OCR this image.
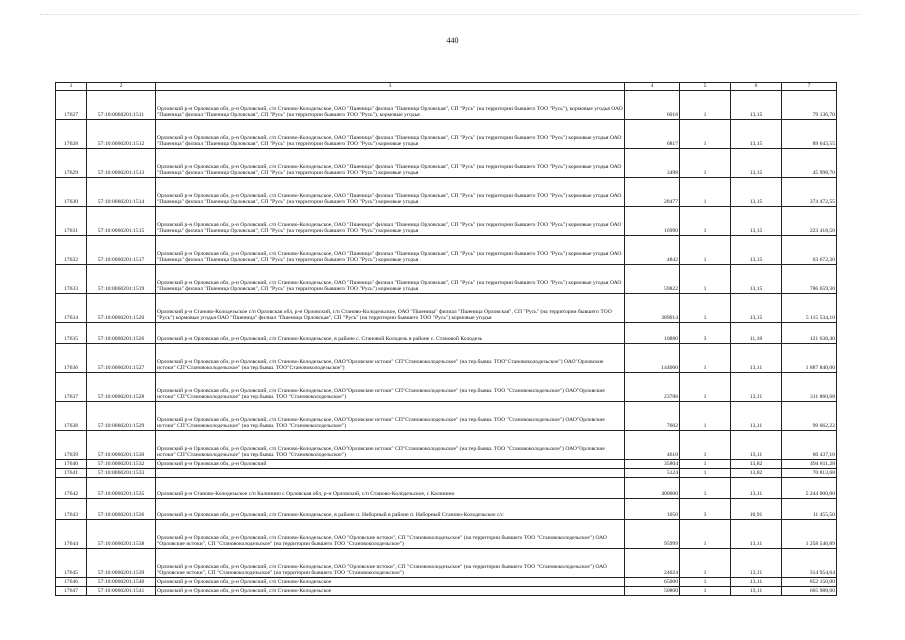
440
1	2	3	4	5	6	7
17627	57:10:0060201:1511	Орловский р-н Орловская обл, р-н Орловский, с/п Станово-Колодезьское, ОАО "Пшеница" филиал "Пшеница Орловская", СП "Русь" (на территории бывшего ТОО "Русь"), кормовые угодья ОАО "Пшеница" филиал "Пшеница Орловская", СП "Русь" (на территории бывшего ТОО "Русь"), кормовые угодья	6018	1	13,15	79 136,70
17628	57:10:0060201:1512	Орловский р-н Орловская обл, р-н Орловский, с/п Станово-Колодезьское, ОАО "Пшеница" филиал "Пшеница Орловская", СП "Русь" (на территории бывшего ТОО "Русь") кормовые угодья ОАО "Пшеница" филиал "Пшеница Орловская", СП "Русь" (на территории бывшего ТОО "Русь") кормовые угодья	6817	1	13,15	89 643,55
17629	57:10:0060201:1513	Орловский р-н Орловская обл, р-н Орловский, с/п Станово-Колодезьское, ОАО "Пшеница" филиал "Пшеница Орловская", СП "Русь" (на территории бывшего ТОО "Русь") кормовые угодья ОАО "Пшеница" филиал "Пшеница Орловская", СП "Русь" (на территории бывшего ТОО "Русь") кормовые угодья	3498	1	13,15	45 998,70
17630	57:10:0060201:1514	Орловский р-н Орловская обл, р-н Орловский, с/п Станово-Колодезьское, ОАО "Пшеница" филиал "Пшеница Орловская", СП "Русь" (на территории бывшего ТОО "Русь") кормовые угодья ОАО "Пшеница" филиал "Пшеница Орловская", СП "Русь" (на территории бывшего ТОО "Русь") кормовые угодья	28477	1	13,15	374 472,55
17631	57:10:0060201:1515	Орловский р-н Орловская обл, р-н Орловский, с/п Станово-Колодезьское, ОАО "Пшеница" филиал "Пшеница Орловская", СП "Русь" (на территории бывшего ТОО "Русь") кормовые угодья ОАО "Пшеница" филиал "Пшеница Орловская", СП "Русь" (на территории бывшего ТОО "Русь") кормовые угодья	16990	1	13,15	223 418,50
17632	57:10:0060201:1517	Орловский р-н Орловская обл, р-н Орловский, с/п Станово-Колодезьское, ОАО "Пшеница" филиал "Пшеница Орловская", СП "Русь" (на территории бывшего ТОО "Русь") кормовые угодья ОАО "Пшеница" филиал "Пшеница Орловская", СП "Русь" (на территории бывшего ТОО "Русь") кормовые угодья	4842	1	13,15	63 672,30
17633	57:10:0060201:1519	Орловский р-н Орловская обл, р-н Орловский, с/п Станово-Колодезьское, ОАО "Пшеница" филиал "Пшеница Орловская", СП "Русь" (на территории бывшего ТОО "Русь") кормовые угодья ОАО "Пшеница" филиал "Пшеница Орловская", СП "Русь" (на территории бывшего ТОО "Русь") кормовые угодья	59822	1	13,15	786 659,30
17634	57:10:0060201:1520	Орловский р-н Станово-Колодезьское с/п Орловская обл, р-н Орловский, с/п Станово-Колодезьское, ОАО "Пшеница" филиал "Пшеница Орловская", СП "Русь" (на территории бывшего ТОО "Русь") кормовые угодья ОАО "Пшеница" филиал "Пшеница Орловская", СП "Русь" (на территории бывшего ТОО "Русь") кормовые угодья	389014	1	13,15	5 115 534,10
17635	57:10:0060201:1526	Орловский р-н Орловская обл, р-н Орловский, с/п Станово-Колодезьское, в районе с. Становой Колодезь в районе с. Становой Колодезь	10880	3	11,18	121 638,40
17636	57:10:0060201:1527	Орловский р-н Орловская обл, р-н Орловский, с/п Станово-Колодезьское, ОАО"Орловские истоки" СП"Становоколодезьское" (на тер.бывш. ТОО"Становоколодезьское") ОАО"Орловские истоки" СП"Становоколодезьское" (на тер.бывш. ТОО"Становоколодезьское")	144000	1	13,11	1 887 840,00
17637	57:10:0060201:1528	Орловский р-н Орловская обл, р-н Орловский, с/п Станово-Колодезьское, ОАО"Орловские истоки" СП"Становоколодезьское" (на тер.бывш. ТОО "Становоколодезьское") ОАО"Орловские истоки" СП"Становоколодезьское" (на тер.бывш. ТОО "Становоколодезьское")	23788	1	13,11	311 860,68
17638	57:10:0060201:1529	Орловский р-н Орловская обл, р-н Орловский, с/п Станово-Колодезьское, ОАО"Орловские истоки" СП"Становоколодезьское" (на тер.бывш. ТОО "Становоколодезьское") ОАО"Орловские истоки" СП"Становоколодезьское" (на тер.бывш. ТОО "Становоколодезьское")	7602	1	13,11	99 662,22
17639	57:10:0060201:1530	Орловский р-н Орловская обл, р-н Орловский, с/п Станово-Колодезьское, ОАО"Орловские истоки" СП"Становоколодезьское" (на тер.бывш. ТОО "Становоколодезьское") ОАО"Орловские истоки" СП"Становоколодезьское" (на тер.бывш. ТОО "Становоколодезьское")	4610	1	13,11	60 437,10
17640	57:10:0060201:1532	Орловский р-н Орловская обл, р-н Орловский	35804	1	13,82	494 811,28
17641	57:10:0060201:1533		5124	1	13,82	70 813,68
17642	57:10:0060201:1535	Орловский р-н Станово-Колодезьское с/п Калинино с Орловская обл, р-н Орловский, с/п Станово-Колодезьское, с Калинино	400000	1	13,11	5 244 000,00
17643	57:10:0060201:1536	Орловский р-н Орловская обл, р-н Орловский, с/п Станово-Колодезьское, в районе п. Наборный в районе п. Наборный Станово-Колодезьское с/с	1050	3	10,91	11 455,50
17644	57:10:0060201:1538	Орловский р-н Орловская обл, р-н Орловский, с/п Станово-Колодезьское, ОАО "Орловские истоки", СП "Становоколодезьское" (на территории бывшего ТОО "Становоколодезьское") ОАО "Орловские истоки", СП "Становоколодезьское" (на территории бывшего ТОО "Становоколодезьское")	95999	1	13,11	1 258 546,89
17645	57:10:0060201:1539	Орловский р-н Орловская обл, р-н Орловский, с/п Станово-Колодезьское, ОАО "Орловские истоки", СП "Становоколодезьское" (на территории бывшего ТОО "Становоколодезьское") ОАО "Орловские истоки", СП "Становоколодезьское" (на территории бывшего ТОО "Становоколодезьское")	24024	1	13,11	314 954,64
17646	57:10:0060201:1540	Орловский р-н Орловская обл, р-н Орловский, с/п Станово-Колодезьское	65000	1	13,11	852 150,00
17647	57:10:0060201:1541	Орловский р-н Орловская обл, р-н Орловский, с/п Станово-Колодезьское	50800	1	13,11	665 988,00
